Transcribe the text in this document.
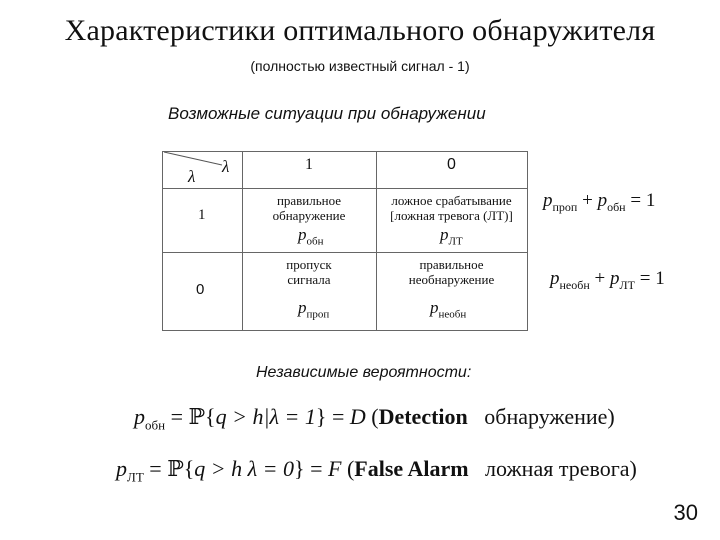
Характеристики оптимального обнаружителя
(полностью известный сигнал - 1)
Возможные ситуации при обнаружении
λ
λ
1	0
1
0
правильное
обнаружение
$p_{обн}$
ложное срабатывание
[ложная тревога (ЛТ)]
$p_{ЛТ}$
пропуск
сигнала
$p_{проп}$
правильное
необнаружение
$p_{необн}$
$p_{проп} + p_{обн} = 1$
$p_{необн} + p_{ЛТ} = 1$
Независимые вероятности:
$p_{обн}$ = ℙ{q > h|λ = 1} = D (Detection обнаружение)
$p_{ЛТ}$ = ℙ{q > h λ = 0} = F (False Alarm ложная тревога)
30
